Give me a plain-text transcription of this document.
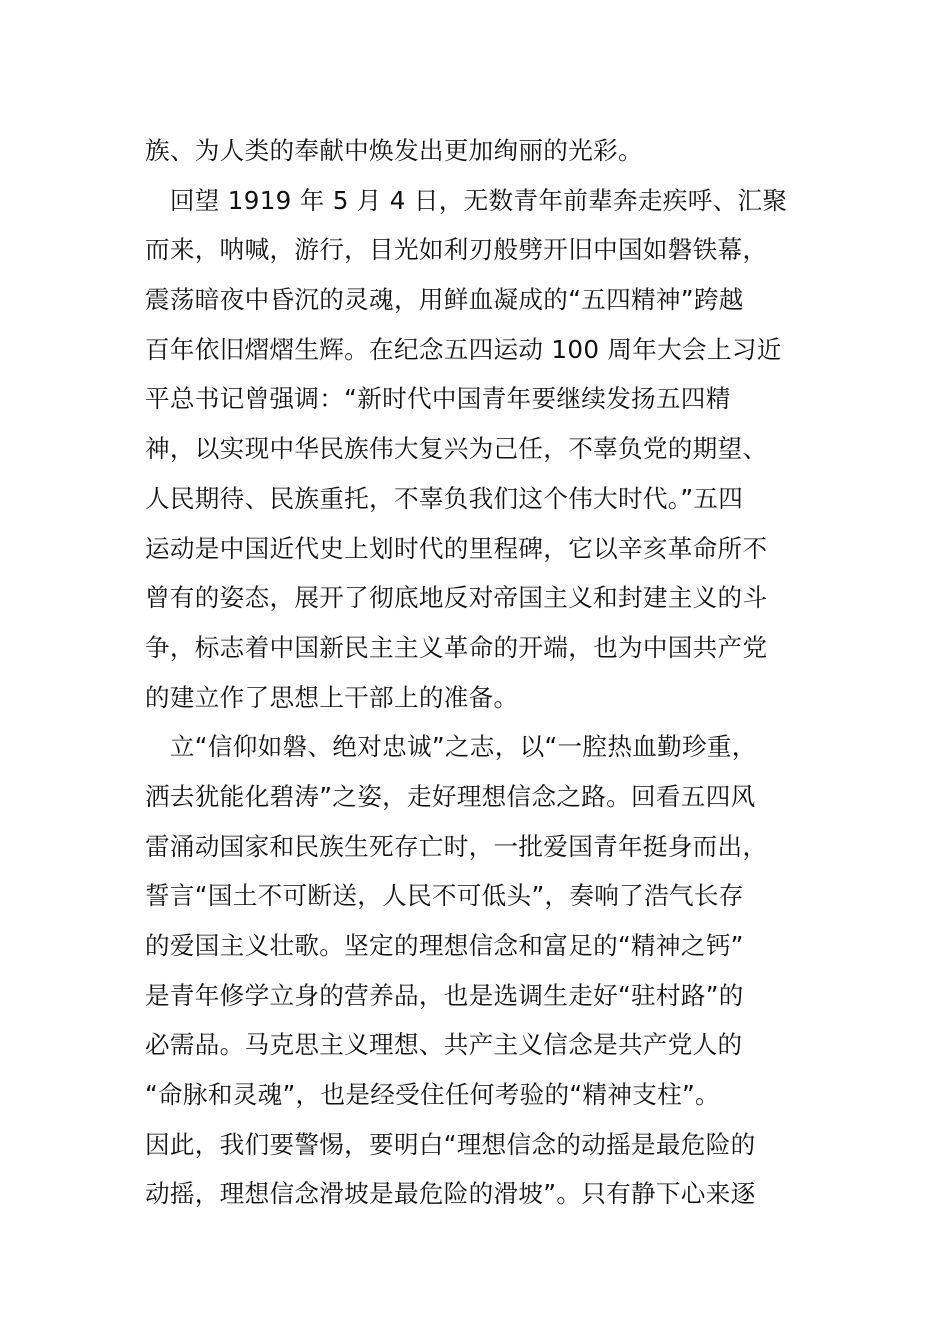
族、为人类的奉献中焕发出更加绚丽的光彩。
　回望 1919 年 5 月 4 日，无数青年前辈奔走疾呼、汇聚
而来，呐喊，游行，目光如利刃般劈开旧中国如磐铁幕，
震荡暗夜中昏沉的灵魂，用鲜血凝成的“五四精神”跨越
百年依旧熠熠生辉。在纪念五四运动 100 周年大会上习近
平总书记曾强调：“新时代中国青年要继续发扬五四精
神，以实现中华民族伟大复兴为己任，不辜负党的期望、
人民期待、民族重托，不辜负我们这个伟大时代。”五四
运动是中国近代史上划时代的里程碑，它以辛亥革命所不
曾有的姿态，展开了彻底地反对帝国主义和封建主义的斗
争，标志着中国新民主主义革命的开端，也为中国共产党
的建立作了思想上干部上的准备。
　立“信仰如磐、绝对忠诚”之志，以“一腔热血勤珍重，
洒去犹能化碧涛”之姿，走好理想信念之路。回看五四风
雷涌动国家和民族生死存亡时，一批爱国青年挺身而出，
誓言“国土不可断送，人民不可低头”，奏响了浩气长存
的爱国主义壮歌。坚定的理想信念和富足的“精神之钙”
是青年修学立身的营养品，也是选调生走好“驻村路”的
必需品。马克思主义理想、共产主义信念是共产党人的
“命脉和灵魂”，也是经受住任何考验的“精神支柱”。
因此，我们要警惕，要明白“理想信念的动摇是最危险的
动摇，理想信念滑坡是最危险的滑坡”。只有静下心来逐
